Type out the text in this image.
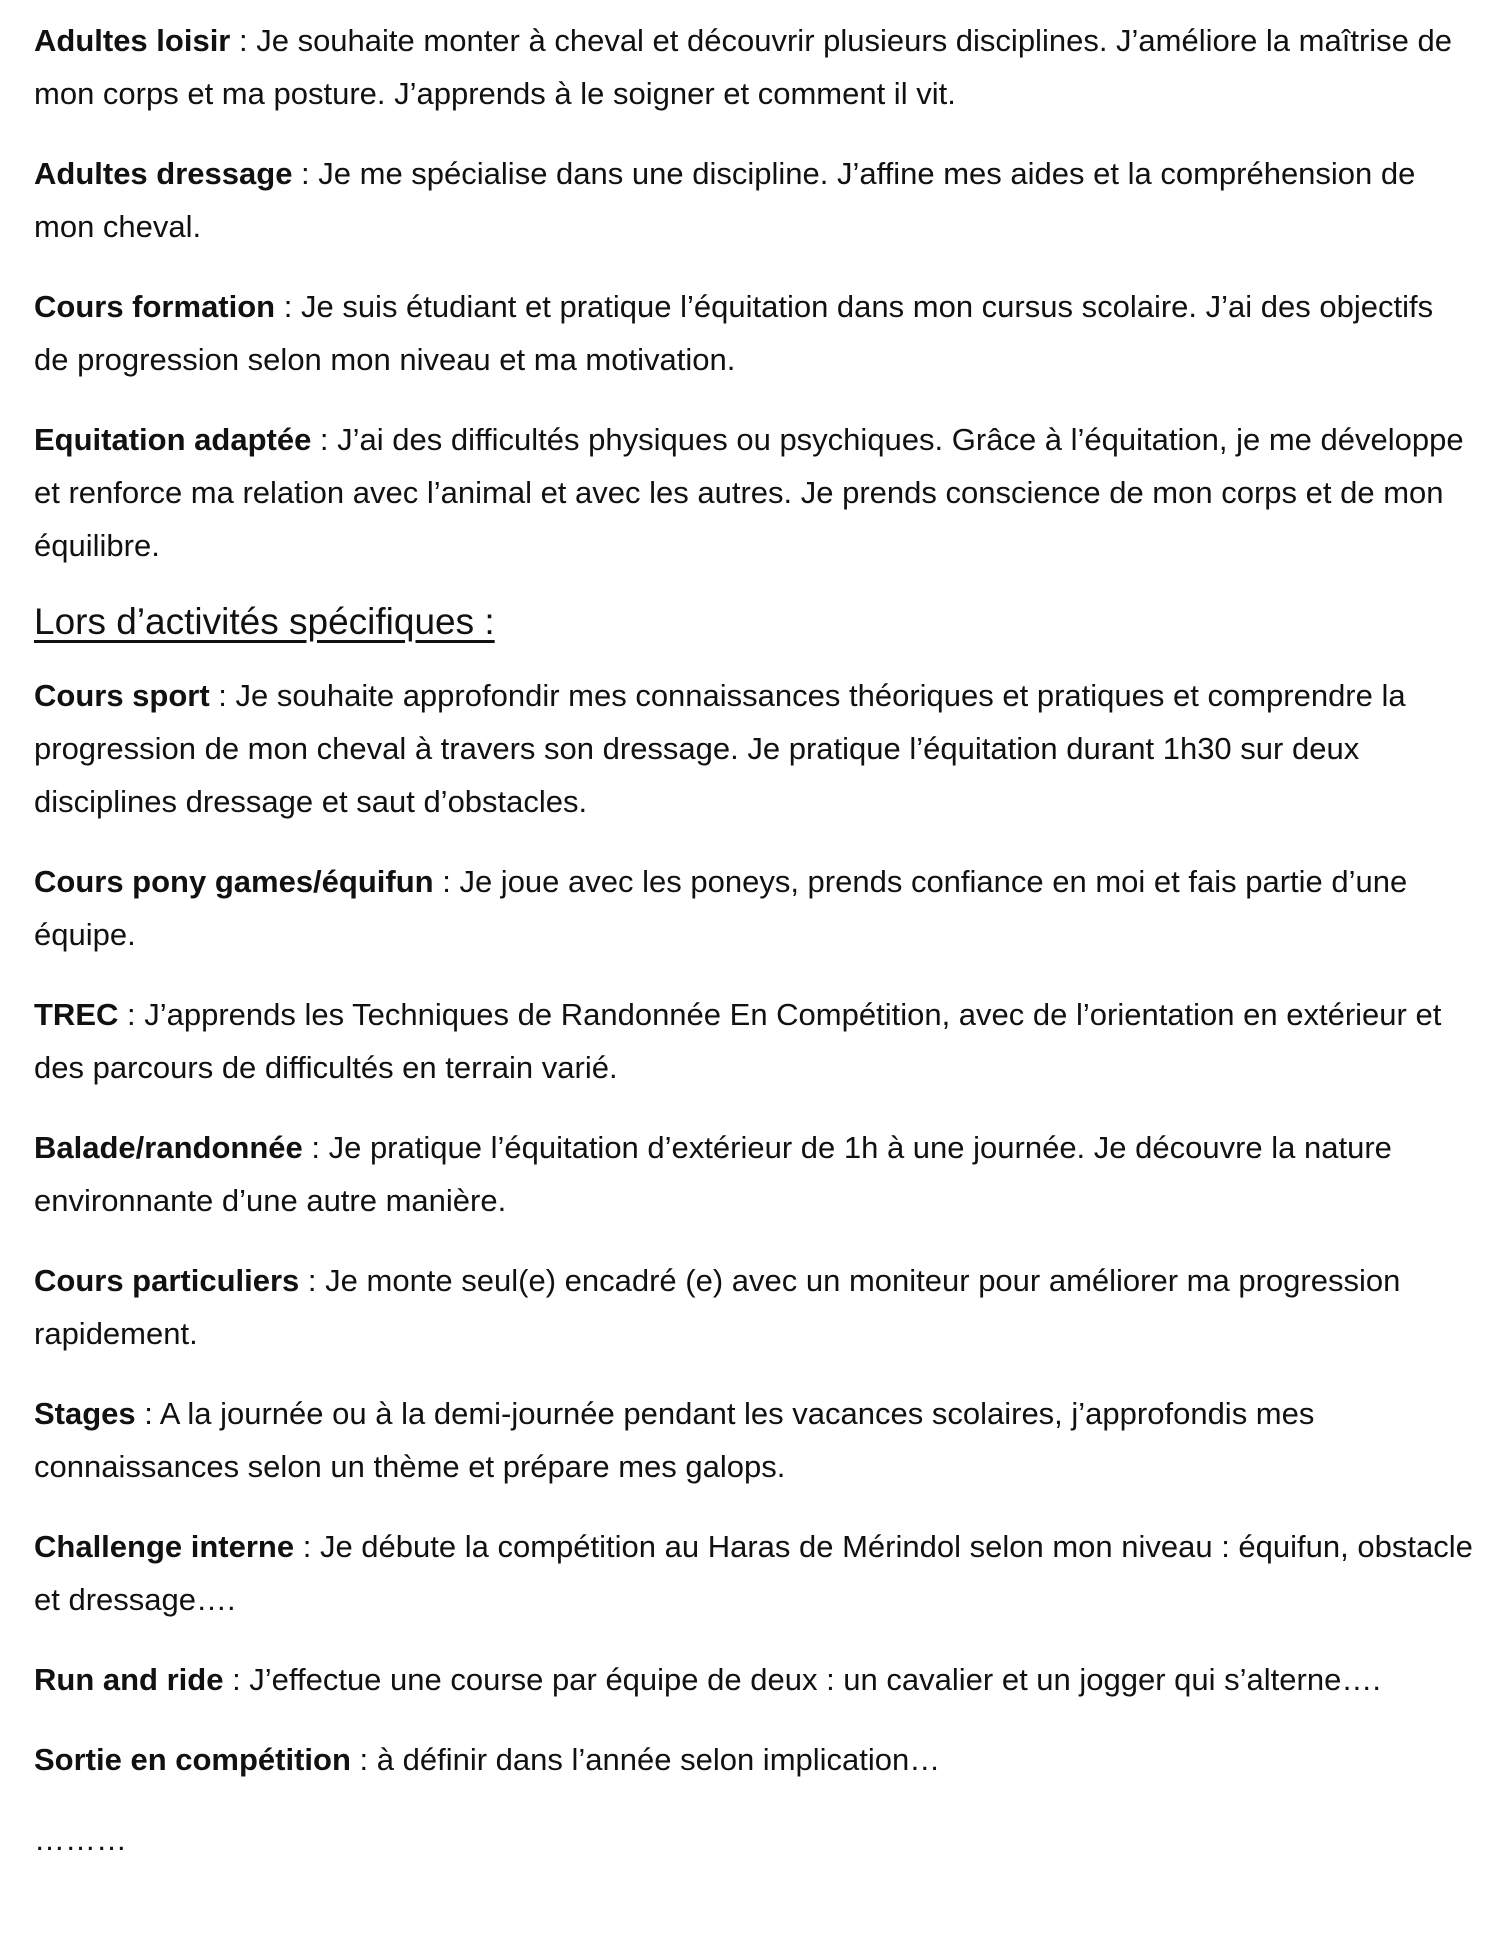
Adultes loisir : Je souhaite monter à cheval et découvrir plusieurs disciplines. J’améliore la maîtrise de mon corps et ma posture. J’apprends à le soigner et comment il vit.

Adultes dressage : Je me spécialise dans une discipline. J’affine mes aides et la compréhension de mon cheval.

Cours formation : Je suis étudiant et pratique l’équitation dans mon cursus scolaire. J’ai des objectifs de progression selon mon niveau et ma motivation.

Equitation adaptée : J’ai des difficultés physiques ou psychiques. Grâce à l’équitation, je me développe et renforce ma relation avec l’animal et avec les autres. Je prends conscience de mon corps et de mon équilibre.

Lors d’activités spécifiques :

Cours sport : Je souhaite approfondir mes connaissances théoriques et pratiques et comprendre la progression de mon cheval à travers son dressage. Je pratique l’équitation durant 1h30 sur deux disciplines dressage et saut d’obstacles.

Cours pony games/équifun : Je joue avec les poneys, prends confiance en moi et fais partie d’une équipe.

TREC : J’apprends les Techniques de Randonnée En Compétition, avec de l’orientation en extérieur et des parcours de difficultés en terrain varié.

Balade/randonnée : Je pratique l’équitation d’extérieur de 1h à une journée. Je découvre la nature environnante d’une autre manière.

Cours particuliers : Je monte seul(e) encadré (e) avec un moniteur pour améliorer ma progression rapidement.

Stages : A la journée ou à la demi-journée pendant les vacances scolaires, j’approfondis mes connaissances selon un thème et prépare mes galops.

Challenge interne : Je débute la compétition au Haras de Mérindol selon mon niveau : équifun, obstacle et dressage….

Run and ride : J’effectue une course par équipe de deux : un cavalier et un jogger qui s’alterne….

Sortie en compétition : à définir dans l’année selon implication…

………
